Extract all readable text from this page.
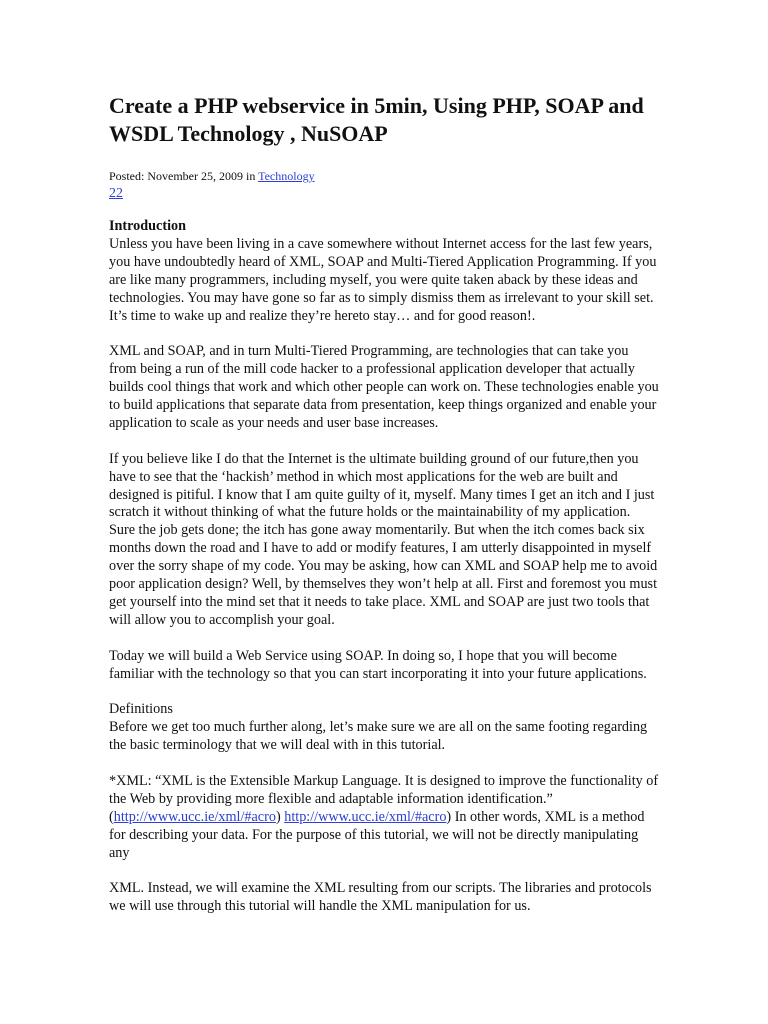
Create a PHP webservice in 5min, Using PHP, SOAP and WSDL Technology , NuSOAP
Posted: November 25, 2009 in Technology
22
Introduction

Unless you have been living in a cave somewhere without Internet access for the last few years, you have undoubtedly heard of XML, SOAP and Multi-Tiered Application Programming. If you are like many programmers, including myself, you were quite taken aback by these ideas and technologies. You may have gone so far as to simply dismiss them as irrelevant to your skill set. It’s time to wake up and realize they’re hereto stay… and for good reason!.

XML and SOAP, and in turn Multi-Tiered Programming, are technologies that can take you from being a run of the mill code hacker to a professional application developer that actually builds cool things that work and which other people can work on. These technologies enable you to build applications that separate data from presentation, keep things organized and enable your application to scale as your needs and user base increases.

If you believe like I do that the Internet is the ultimate building ground of our future,then you have to see that the ‘hackish’ method in which most applications for the web are built and designed is pitiful. I know that I am quite guilty of it, myself. Many times I get an itch and I just scratch it without thinking of what the future holds or the maintainability of my application. Sure the job gets done; the itch has gone away momentarily. But when the itch comes back six months down the road and I have to add or modify features, I am utterly disappointed in myself over the sorry shape of my code. You may be asking, how can XML and SOAP help me to avoid poor application design? Well, by themselves they won’t help at all. First and foremost you must get yourself into the mind set that it needs to take place. XML and SOAP are just two tools that will allow you to accomplish your goal.

Today we will build a Web Service using SOAP. In doing so, I hope that you will become familiar with the technology so that you can start incorporating it into your future applications.

Definitions

Before we get too much further along, let’s make sure we are all on the same footing regarding the basic terminology that we will deal with in this tutorial.

*XML: “XML is the Extensible Markup Language. It is designed to improve the functionality of the Web by providing more flexible and adaptable information identification.” (http://www.ucc.ie/xml/#acro) http://www.ucc.ie/xml/#acro) In other words, XML is a method for describing your data. For the purpose of this tutorial, we will not be directly manipulating any

XML. Instead, we will examine the XML resulting from our scripts. The libraries and protocols we will use through this tutorial will handle the XML manipulation for us.
